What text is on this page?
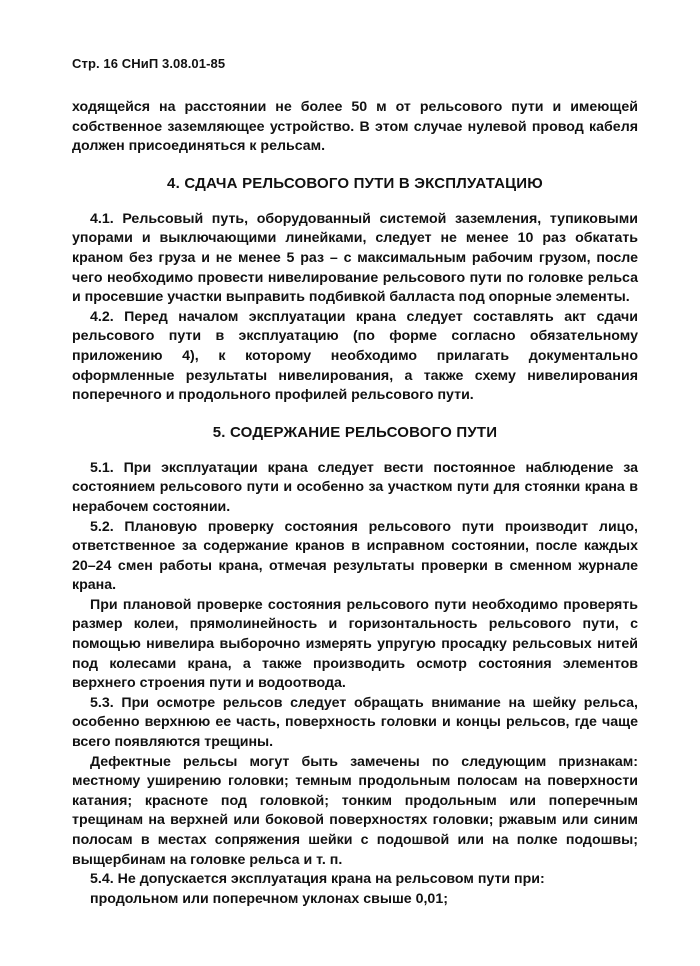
Стр. 16 СНиП 3.08.01-85

ходящейся на расстоянии не более 50 м от рельсового пути и имеющей собственное заземляющее устройство. В этом случае нулевой провод кабеля должен присоединяться к рельсам.

4. СДАЧА РЕЛЬСОВОГО ПУТИ В ЭКСПЛУАТАЦИЮ

4.1. Рельсовый путь, оборудованный системой заземления, тупиковыми упорами и выключающими линейками, следует не менее 10 раз обкатать краном без груза и не менее 5 раз – с максимальным рабочим грузом, после чего необходимо провести нивелирование рельсового пути по головке рельса и просевшие участки выправить подбивкой балласта под опорные элементы.

4.2. Перед началом эксплуатации крана следует составлять акт сдачи рельсового пути в эксплуатацию (по форме согласно обязательному приложению 4), к которому необходимо прилагать документально оформленные результаты нивелирования, а также схему нивелирования поперечного и продольного профилей рельсового пути.

5. СОДЕРЖАНИЕ РЕЛЬСОВОГО ПУТИ

5.1. При эксплуатации крана следует вести постоянное наблюдение за состоянием рельсового пути и особенно за участком пути для стоянки крана в нерабочем состоянии.

5.2. Плановую проверку состояния рельсового пути производит лицо, ответственное за содержание кранов в исправном состоянии, после каждых 20–24 смен работы крана, отмечая результаты проверки в сменном журнале крана.

При плановой проверке состояния рельсового пути необходимо проверять размер колеи, прямолинейность и горизонтальность рельсового пути, с помощью нивелира выборочно измерять упругую просадку рельсовых нитей под колесами крана, а также производить осмотр состояния элементов верхнего строения пути и водоотвода.

5.3. При осмотре рельсов следует обращать внимание на шейку рельса, особенно верхнюю ее часть, поверхность головки и концы рельсов, где чаще всего появляются трещины.

Дефектные рельсы могут быть замечены по следующим признакам: местному уширению головки; темным продольным полосам на поверхности катания; краснотe под головкой; тонким продольным или поперечным трещинам на верхней или боковой поверхностях головки; ржавым или синим полосам в местах сопряжения шейки с подошвой или на полке подошвы; выщербинам на головке рельса и т. п.

5.4. Не допускается эксплуатация крана на рельсовом пути при:

продольном или поперечном уклонах свыше 0,01;
